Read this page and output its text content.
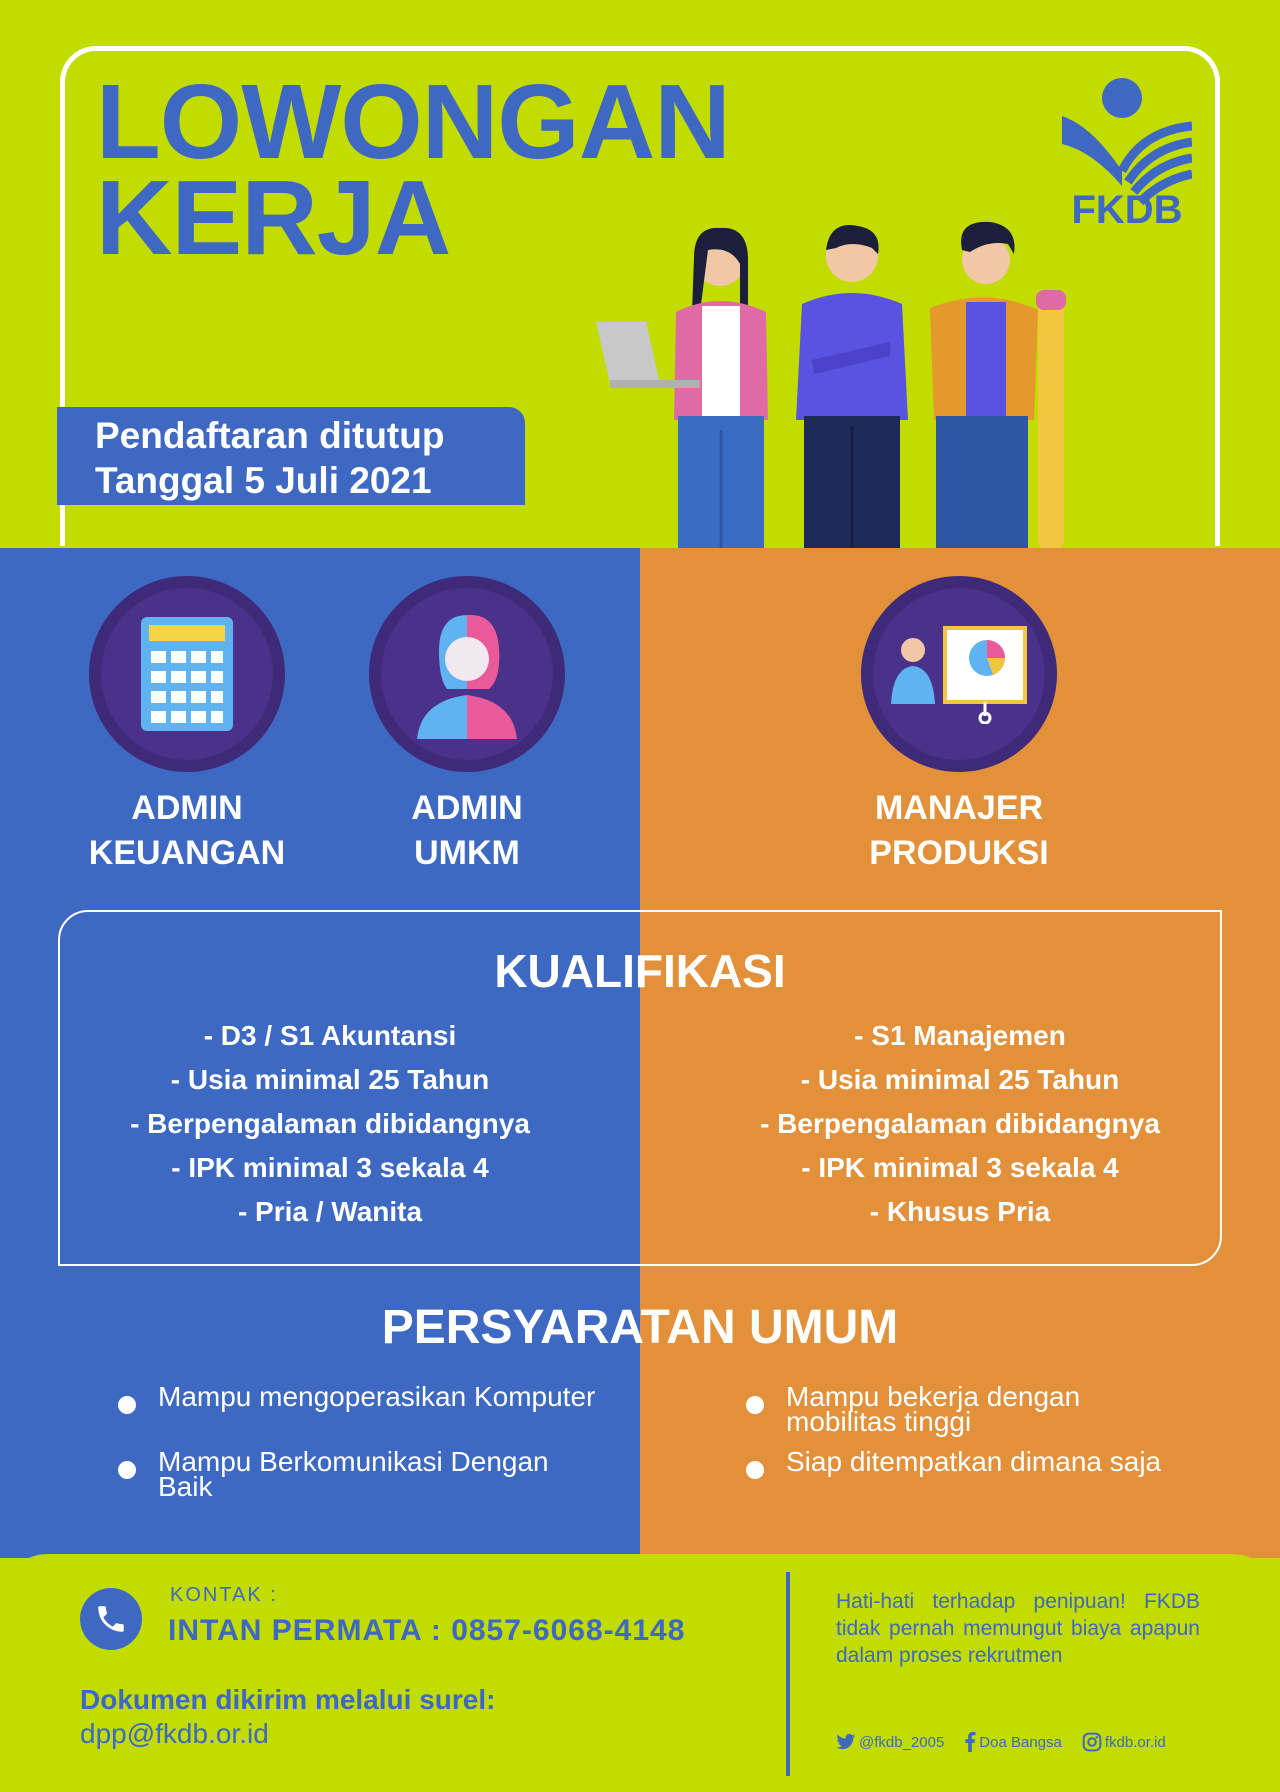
LOWONGAN
KERJA
Pendaftaran ditutup
Tanggal 5 Juli 2021
FKDB
ADMIN
KEUANGAN
ADMIN
UMKM
MANAJER
PRODUKSI
KUALIFIKASI
- D3 / S1 Akuntansi
- Usia minimal 25 Tahun
- Berpengalaman dibidangnya
- IPK minimal 3 sekala 4
- Pria / Wanita
- S1 Manajemen
- Usia minimal 25 Tahun
- Berpengalaman dibidangnya
- IPK minimal 3 sekala 4
- Khusus Pria
PERSYARATAN UMUM
Mampu mengoperasikan Komputer
Mampu Berkomunikasi Dengan Baik
Mampu bekerja dengan mobilitas tinggi
Siap ditempatkan dimana saja
KONTAK :
INTAN PERMATA : 0857-6068-4148
Dokumen dikirim melalui surel:
dpp@fkdb.or.id
Hati-hati terhadap penipuan! FKDB tidak pernah memungut biaya apapun dalam proses rekrutmen
@fkdb_2005 Doa Bangsa	fkdb.or.id
